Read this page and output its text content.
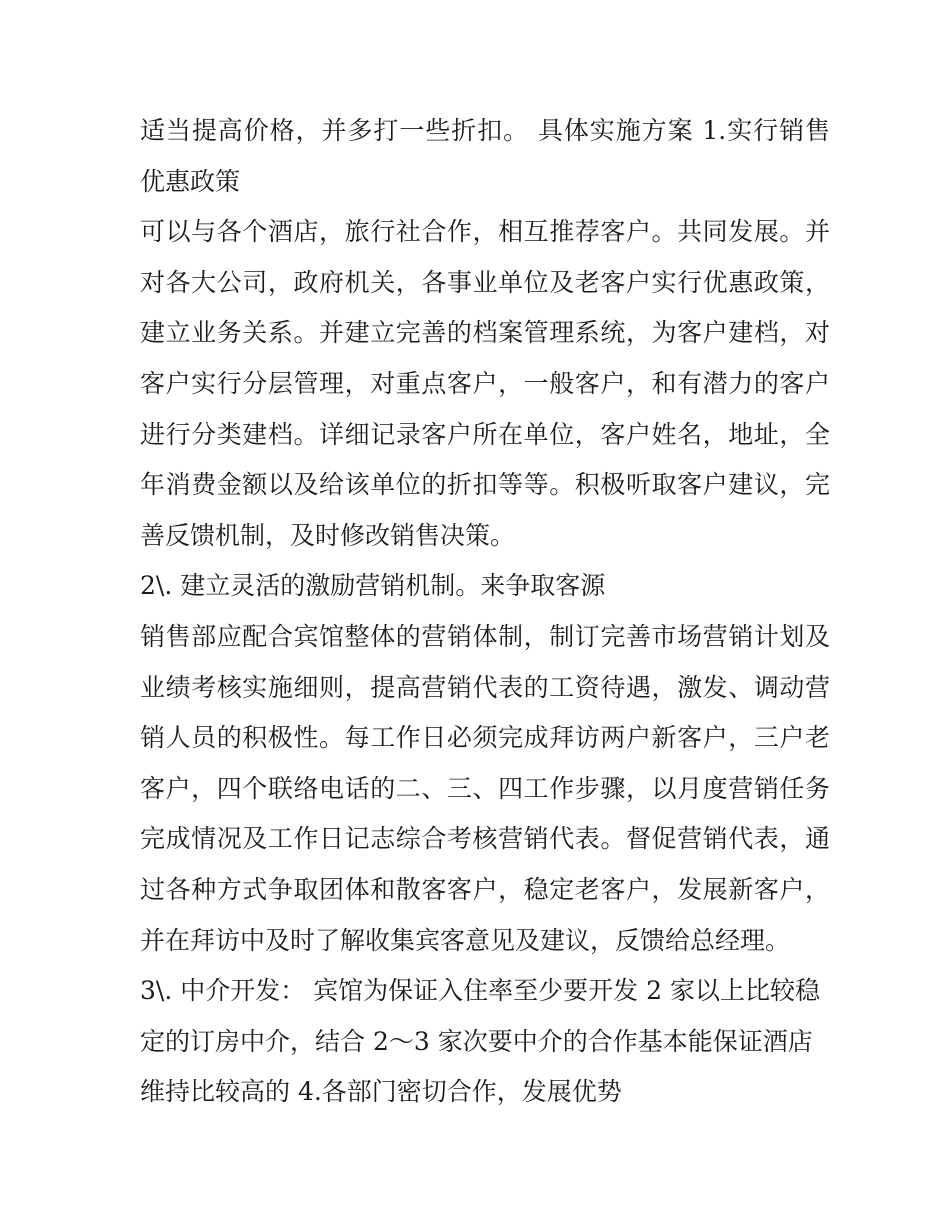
适当提高价格，并多打一些折扣。 具体实施方案 1.实行销售

优惠政策

可以与各个酒店，旅行社合作，相互推荐客户。共同发展。并

对各大公司，政府机关，各事业单位及老客户实行优惠政策，

建立业务关系。并建立完善的档案管理系统，为客户建档，对

客户实行分层管理，对重点客户，一般客户，和有潜力的客户

进行分类建档。详细记录客户所在单位，客户姓名，地址，全

年消费金额以及给该单位的折扣等等。积极听取客户建议，完

善反馈机制，及时修改销售决策。

2\. 建立灵活的激励营销机制。来争取客源

销售部应配合宾馆整体的营销体制，制订完善市场营销计划及

业绩考核实施细则，提高营销代表的工资待遇，激发、调动营

销人员的积极性。每工作日必须完成拜访两户新客户，三户老

客户，四个联络电话的二、三、四工作步骤，以月度营销任务

完成情况及工作日记志综合考核营销代表。督促营销代表，通

过各种方式争取团体和散客客户，稳定老客户，发展新客户，

并在拜访中及时了解收集宾客意见及建议，反馈给总经理。

3\. 中介开发： 宾馆为保证入住率至少要开发 2 家以上比较稳

定的订房中介，结合 2～3 家次要中介的合作基本能保证酒店

维持比较高的 4.各部门密切合作，发展优势
